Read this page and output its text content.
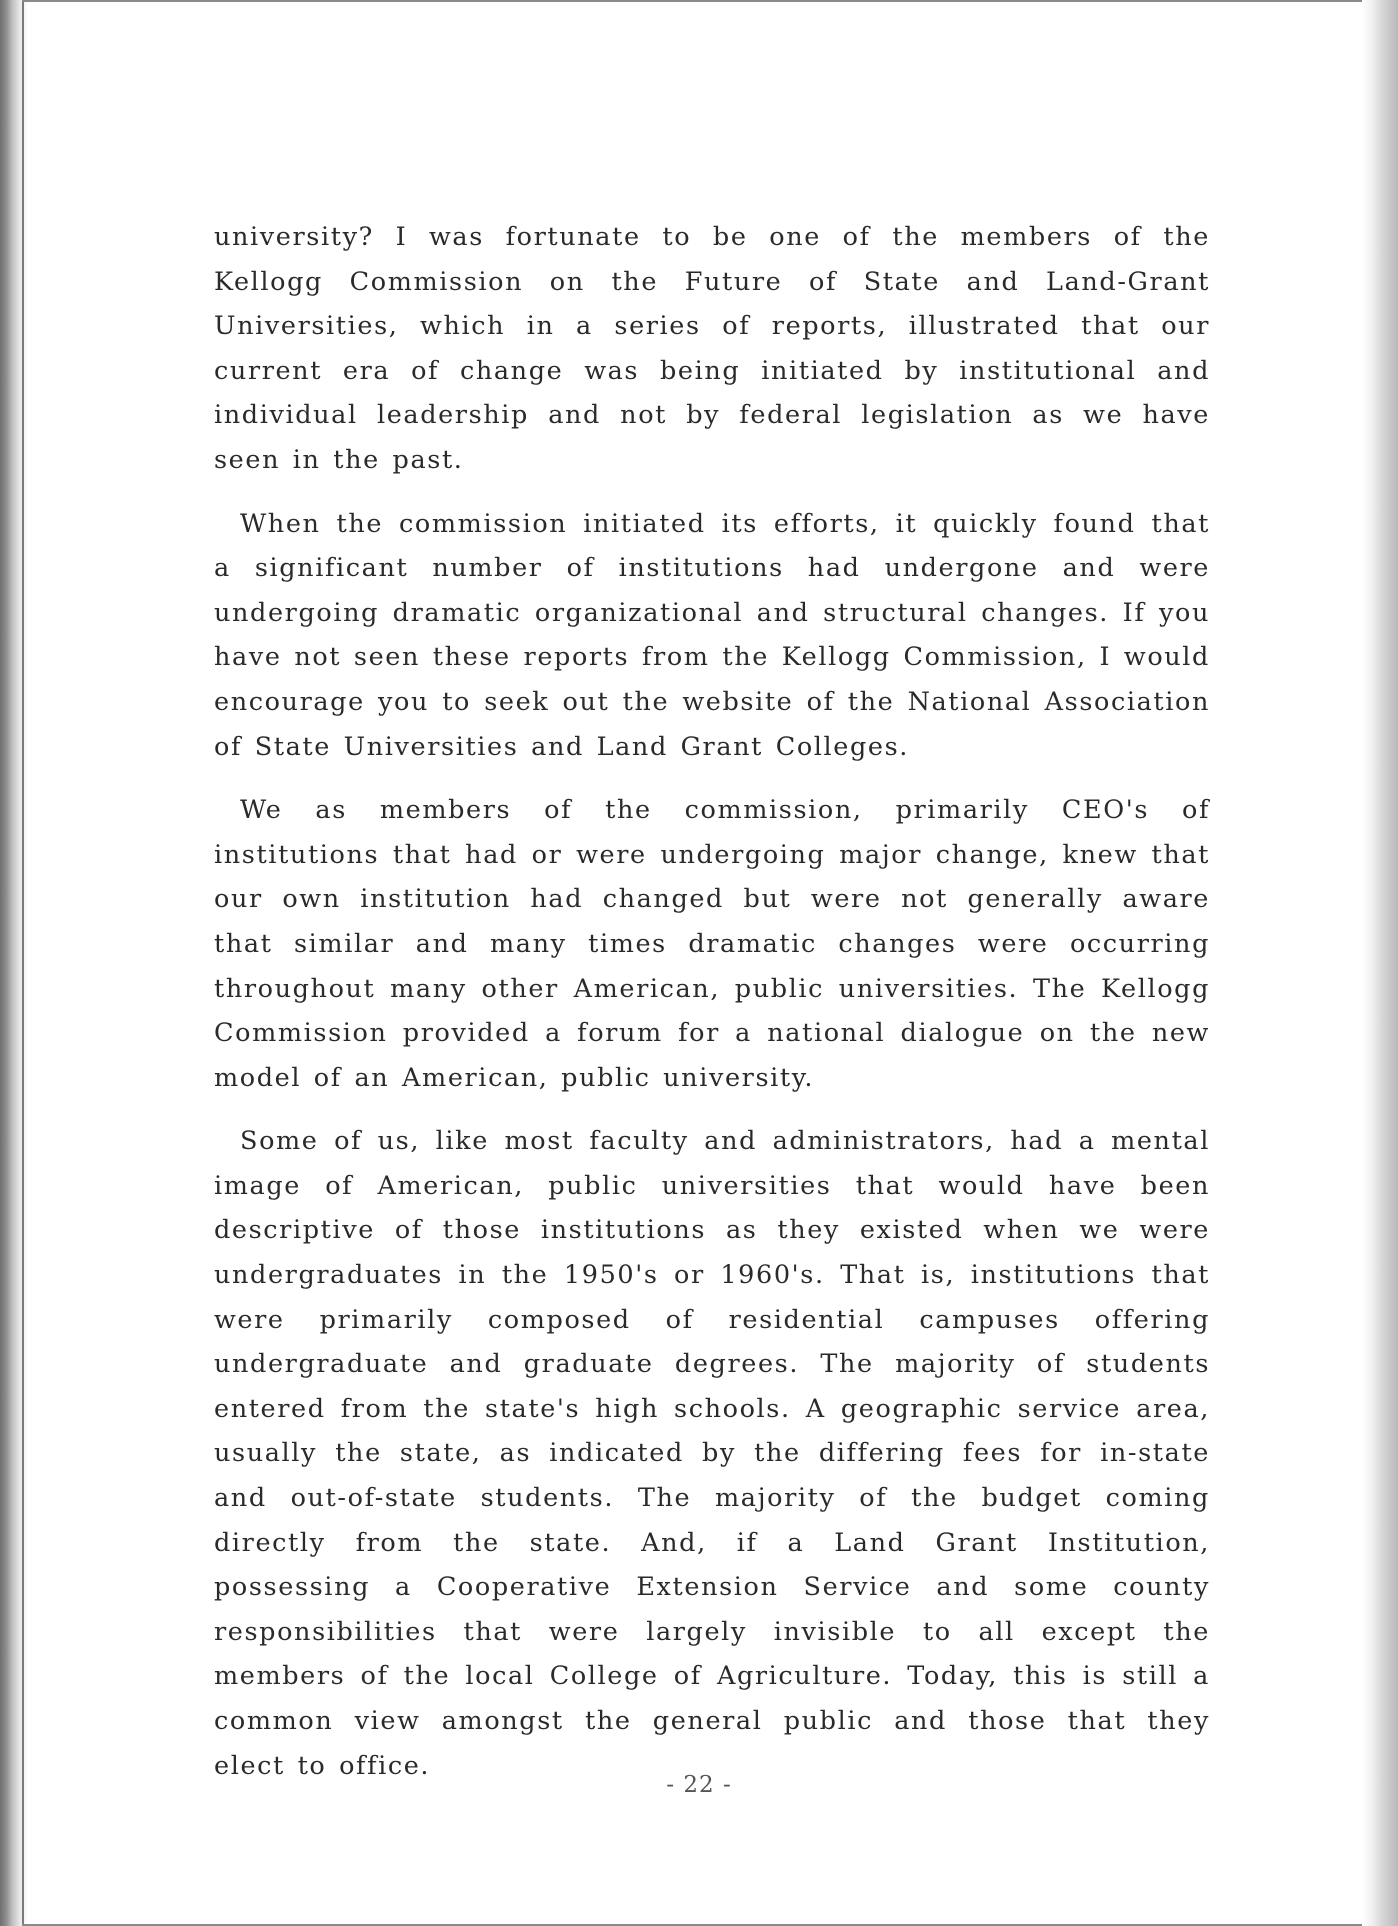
university? I was fortunate to be one of the members of the Kellogg Commission on the Future of State and Land-Grant Universities, which in a series of reports, illustrated that our current era of change was being initiated by institutional and individual leadership and not by federal legislation as we have seen in the past.

When the commission initiated its efforts, it quickly found that a significant number of institutions had undergone and were undergoing dramatic organizational and structural changes. If you have not seen these reports from the Kellogg Commission, I would encourage you to seek out the website of the National Association of State Universities and Land Grant Colleges.

We as members of the commission, primarily CEO's of institutions that had or were undergoing major change, knew that our own institution had changed but were not generally aware that similar and many times dramatic changes were occurring throughout many other American, public universities. The Kellogg Commission provided a forum for a national dialogue on the new model of an American, public university.

Some of us, like most faculty and administrators, had a mental image of American, public universities that would have been descriptive of those institutions as they existed when we were undergraduates in the 1950's or 1960's. That is, institutions that were primarily composed of residential campuses offering undergraduate and graduate degrees. The majority of students entered from the state's high schools. A geographic service area, usually the state, as indicated by the differing fees for in-state and out-of-state students. The majority of the budget coming directly from the state. And, if a Land Grant Institution, possessing a Cooperative Extension Service and some county responsibilities that were largely invisible to all except the members of the local College of Agriculture. Today, this is still a common view amongst the general public and those that they elect to office.

- 22 -
